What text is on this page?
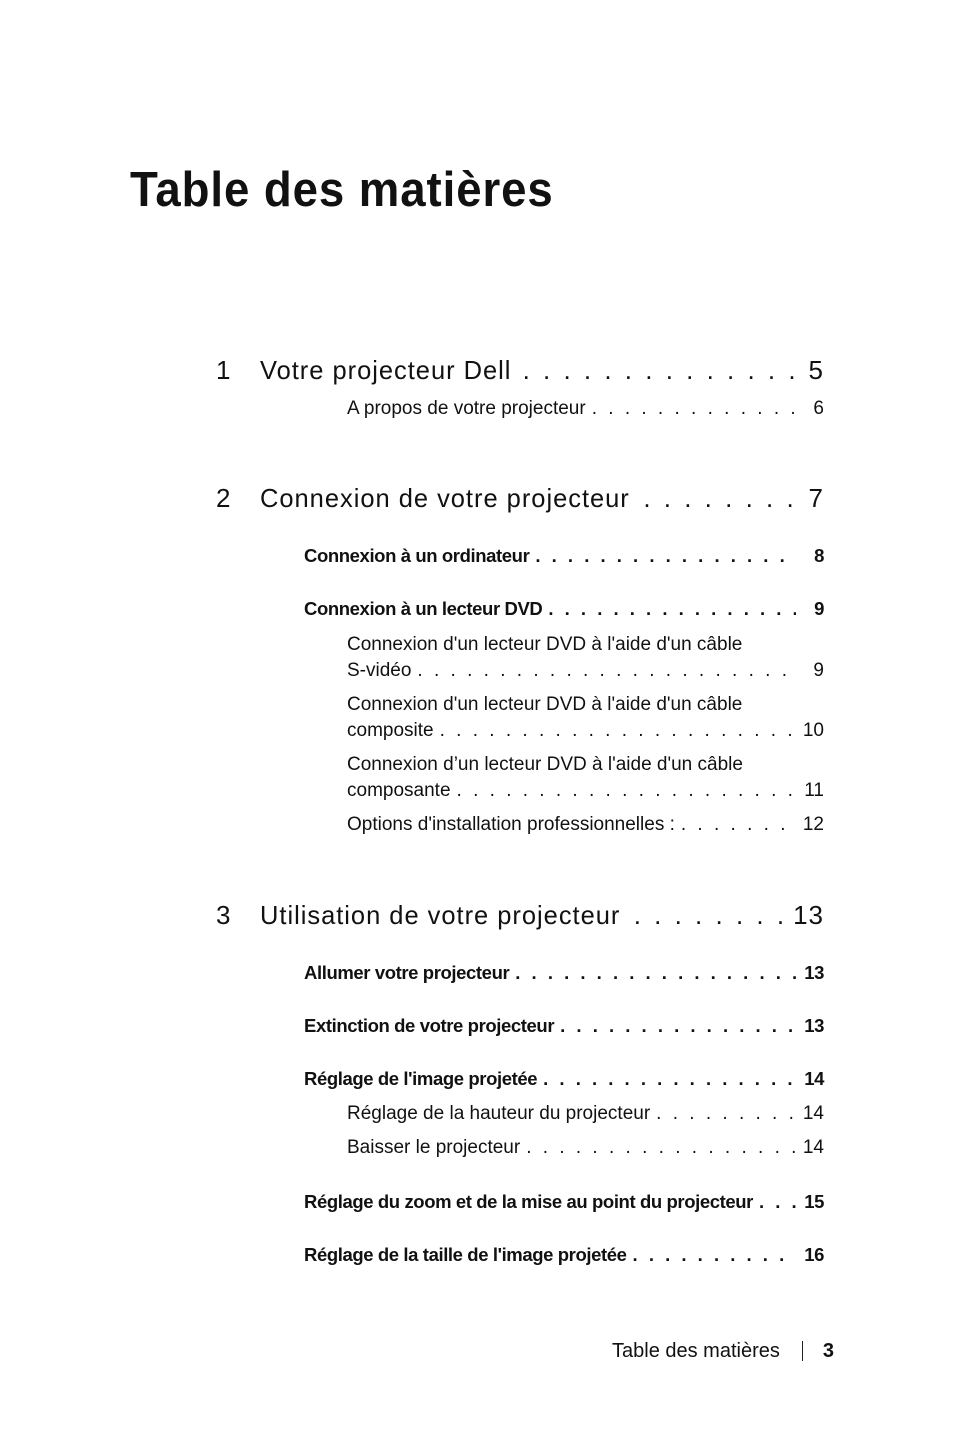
Table des matières
1 Votre projecteur Dell . . .	5
A propos de votre projecteur . . .	6
2 Connexion de votre projecteur . . .	7
Connexion à un ordinateur . . .	8
Connexion à un lecteur DVD . . .	9
Connexion d'un lecteur DVD à l'aide d'un câble
S-vidéo . . .	9
Connexion d'un lecteur DVD à l'aide d'un câble
composite . . .	10
Connexion d’un lecteur DVD à l'aide d'un câble
composante . . .	11
Options d'installation professionnelles : . . .	12
3 Utilisation de votre projecteur . . .	13
Allumer votre projecteur . . .	13
Extinction de votre projecteur . . .	13
Réglage de l'image projetée . . .	14
Réglage de la hauteur du projecteur . . .	14
Baisser le projecteur . . .	14
Réglage du zoom et de la mise au point du projecteur . . .	15
Réglage de la taille de l'image projetée . . .	16
Table des matières 3
